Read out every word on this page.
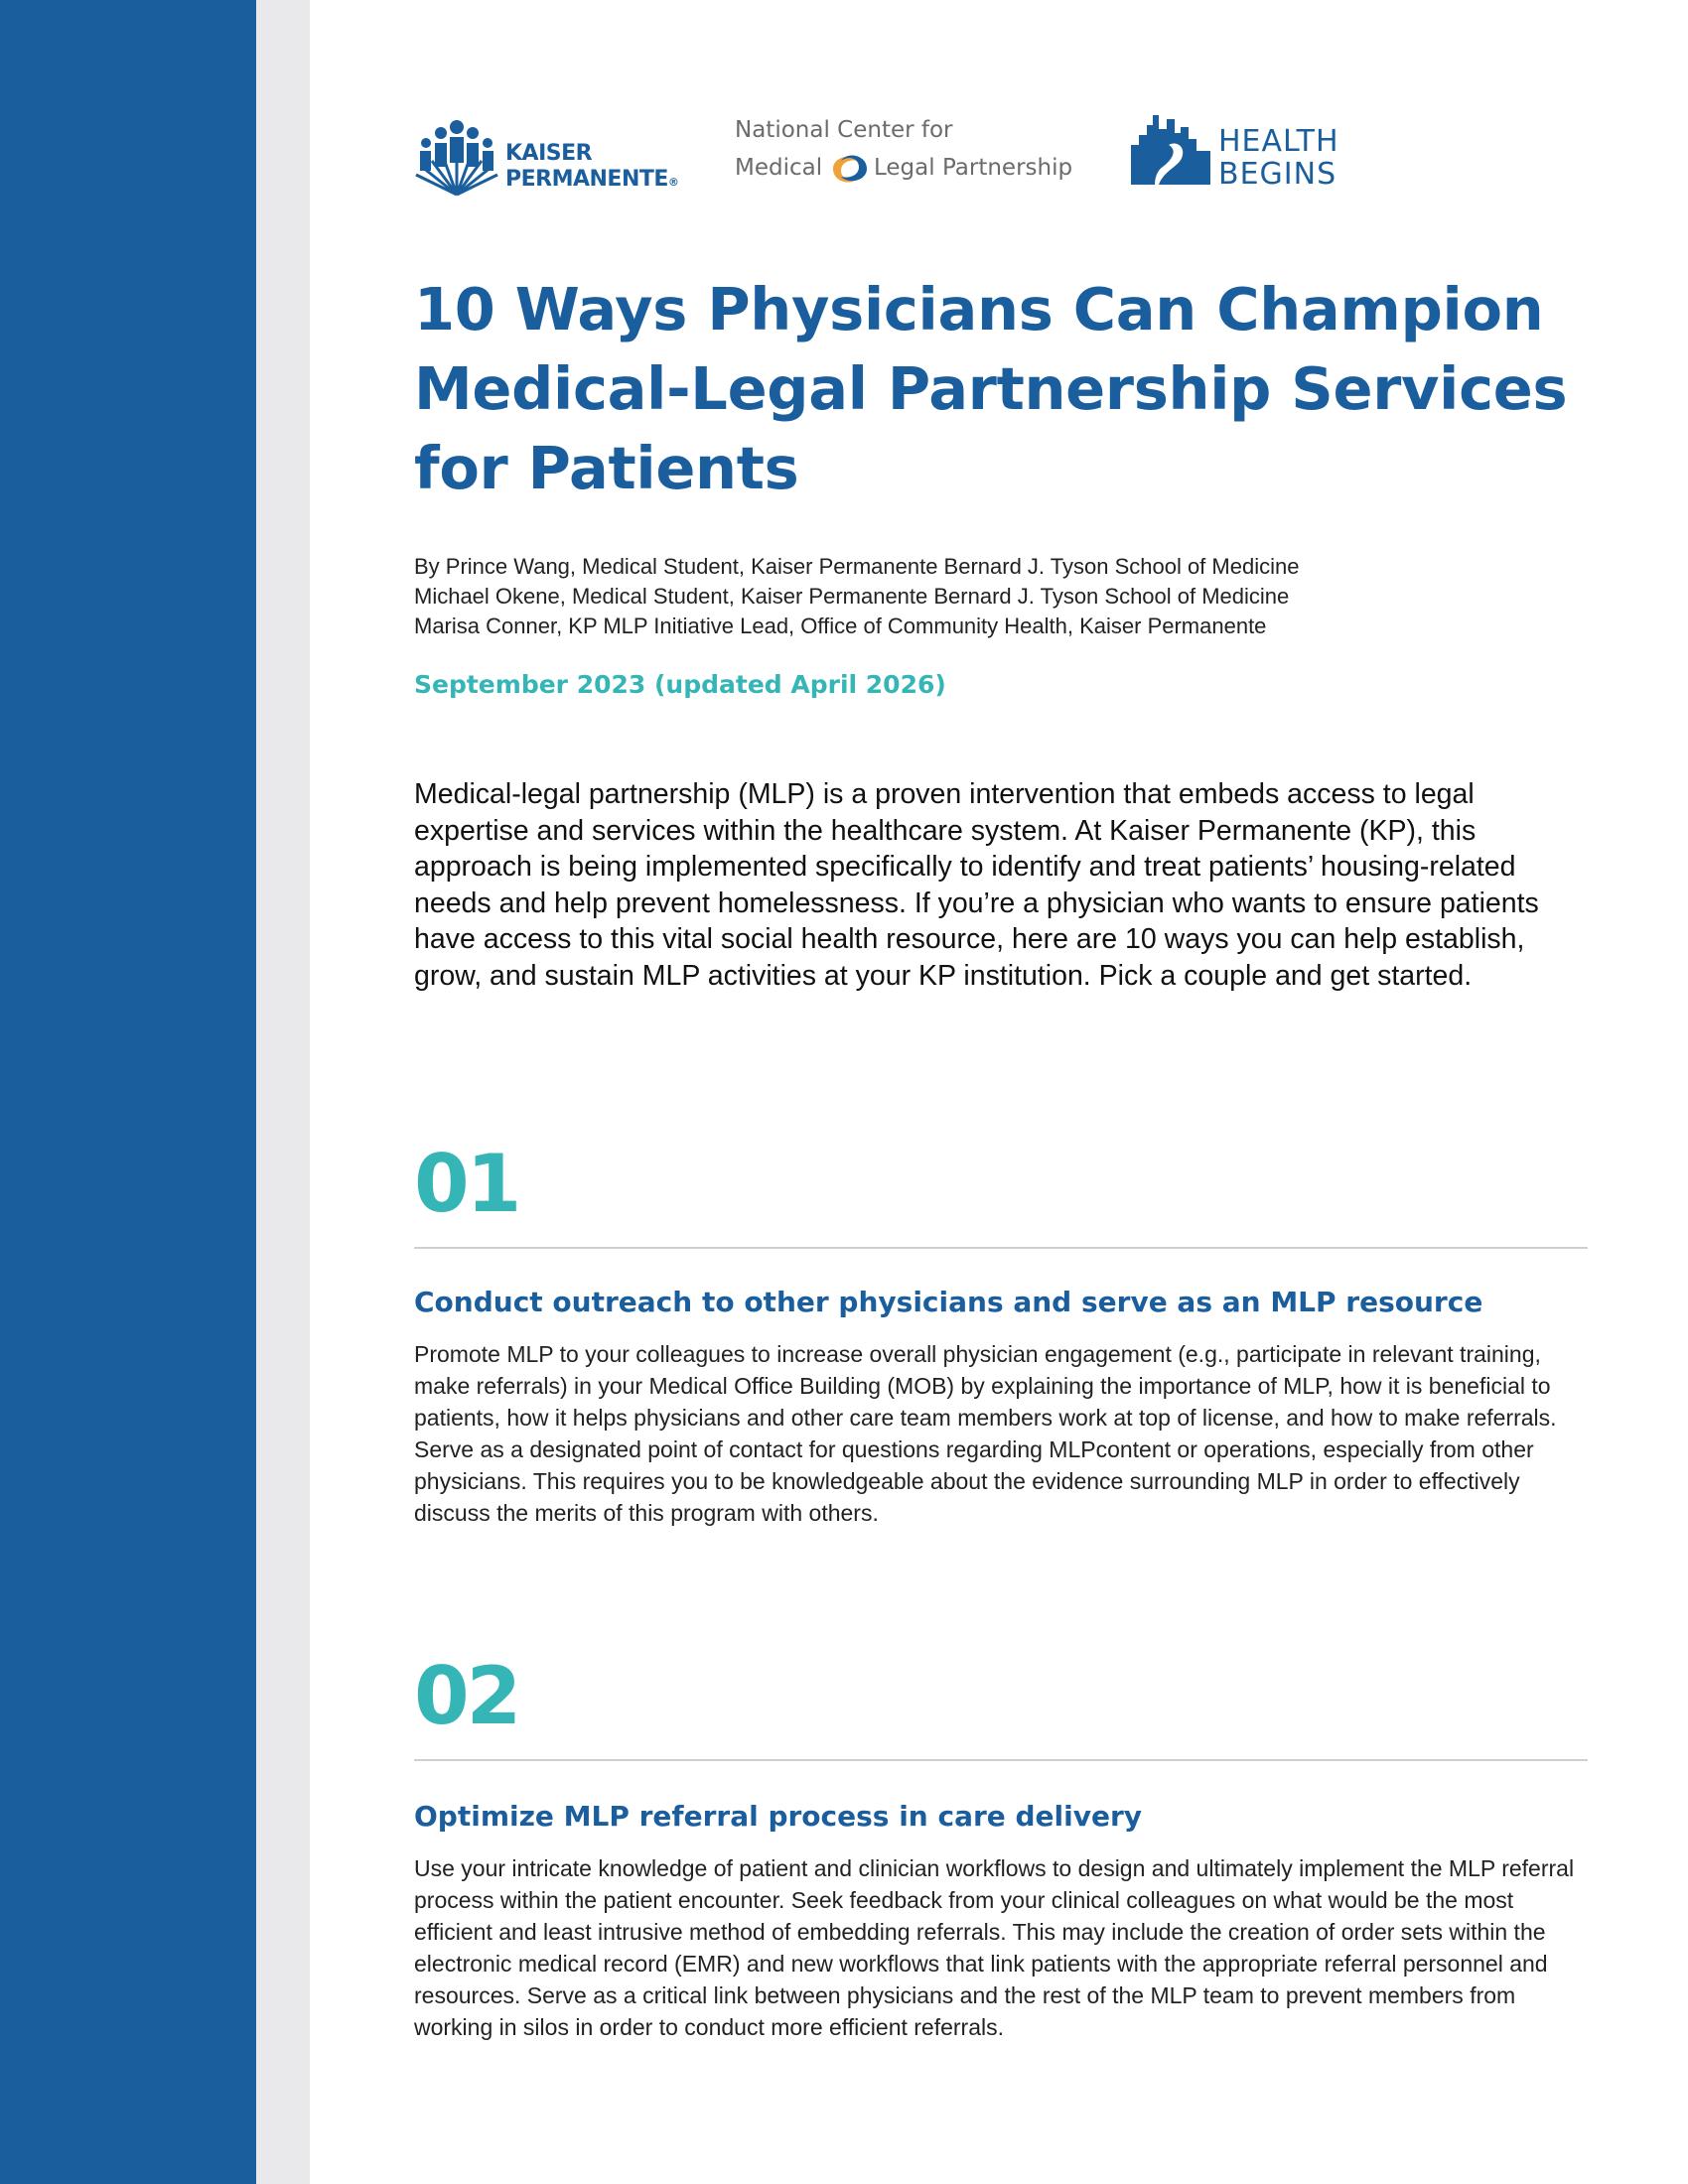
KAISER
PERMANENTE®
National Center for
Medical Legal Partnership
HEALTH
BEGINS
10 Ways Physicians Can Champion Medical-Legal Partnership Services for Patients
By Prince Wang, Medical Student, Kaiser Permanente Bernard J. Tyson School of Medicine
Michael Okene, Medical Student, Kaiser Permanente Bernard J. Tyson School of Medicine
Marisa Conner, KP MLP Initiative Lead, Office of Community Health, Kaiser Permanente
September 2023 (updated April 2026)

Medical-legal partnership (MLP) is a proven intervention that embeds access to legal expertise and services within the healthcare system. At Kaiser Permanente (KP), this approach is being implemented specifically to identify and treat patients’ housing-related needs and help prevent homelessness. If you’re a physician who wants to ensure patients have access to this vital social health resource, here are 10 ways you can help establish, grow, and sustain MLP activities at your KP institution. Pick a couple and get started.

01
Conduct outreach to other physicians and serve as an MLP resource

Promote MLP to your colleagues to increase overall physician engagement (e.g., participate in relevant training, make referrals) in your Medical Office Building (MOB) by explaining the importance of MLP, how it is beneficial to patients, how it helps physicians and other care team members work at top of license, and how to make referrals. Serve as a designated point of contact for questions regarding MLPcontent or operations, especially from other physicians. This requires you to be knowledgeable about the evidence surrounding MLP in order to effectively discuss the merits of this program with others.

02
Optimize MLP referral process in care delivery

Use your intricate knowledge of patient and clinician workflows to design and ultimately implement the MLP referral process within the patient encounter. Seek feedback from your clinical colleagues on what would be the most efficient and least intrusive method of embedding referrals. This may include the creation of order sets within the electronic medical record (EMR) and new workflows that link patients with the appropriate referral personnel and resources. Serve as a critical link between physicians and the rest of the MLP team to prevent members from working in silos in order to conduct more efficient referrals.
